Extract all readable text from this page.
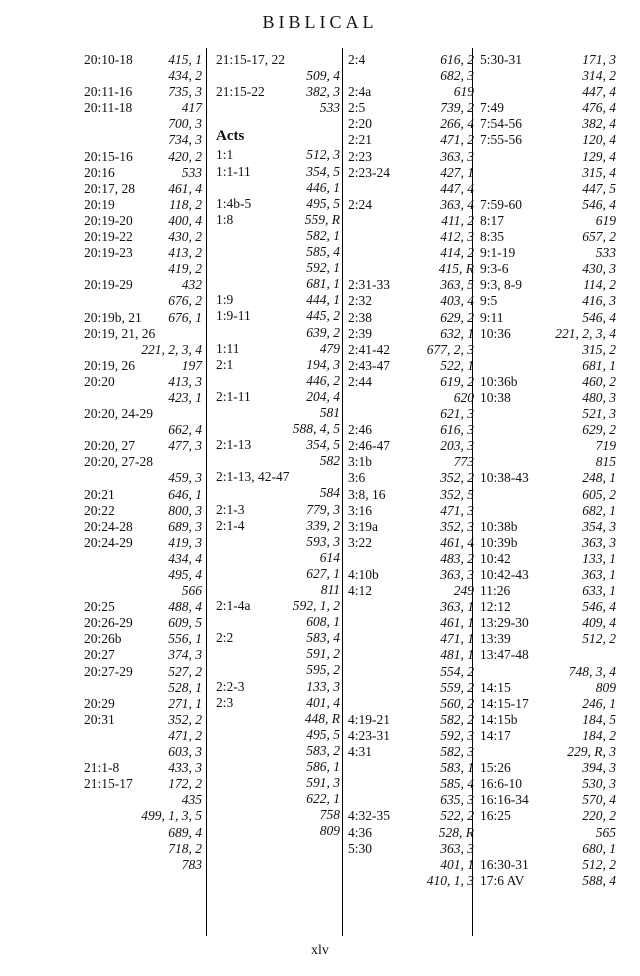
BIBLICAL
20:10-18	415, 1
434, 2
20:11-16	735, 3
20:11-18	417
700, 3
734, 3
20:15-16	420, 2
20:16	533
20:17, 28 461, 4
20:19	118, 2
20:19-20	400, 4
20:19-22	430, 2
20:19-23	413, 2
419, 2
20:19-29	432
676, 2
20:19b, 21 676, 1
20:19, 21, 26
221, 2, 3, 4
20:19, 26	197
20:20	413, 3
423, 1
20:20, 24-29
662, 4
20:20, 27 477, 3
20:20, 27-28
459, 3
20:21	646, 1
20:22	800, 3
20:24-28	689, 3
20:24-29	419, 3
434, 4
495, 4
566
20:25	488, 4
20:26-29	609, 5
20:26b	556, 1
20:27	374, 3
20:27-29	527, 2
528, 1
20:29	271, 1
20:31	352, 2
471, 2
603, 3
21:1-8	433, 3
21:15-17	172, 2
435
499, 1, 3, 5
689, 4
718, 2
783
21:15-17, 22
509, 4
21:15-22	382, 3
533
Acts
1:1	512, 3
1:1-11	354, 5
446, 1
1:4b-5	495, 5
1:8	559, R
582, 1
585, 4
592, 1
681, 1
1:9	444, 1
1:9-11	445, 2
639, 2
1:11	479
2:1	194, 3
446, 2
2:1-11	204, 4
581
588, 4, 5
2:1-13	354, 5
582
2:1-13, 42-47
584
2:1-3	779, 3
2:1-4	339, 2
593, 3
614
627, 1
811
2:1-4a	592, 1, 2
608, 1
2:2	583, 4
591, 2
595, 2
2:2-3	133, 3
2:3	401, 4
448, R
495, 5
583, 2
586, 1
591, 3
622, 1
758
809
2:4	616, 2
682, 3
2:4a	619
2:5	739, 2
2:20	266, 4
2:21	471, 2
2:23	363, 3
2:23-24	427, 1
447, 4
2:24	363, 4
411, 2
412, 3
414, 2
415, R
2:31-33	363, 5
2:32	403, 4
2:38	629, 2
2:39	632, 1
2:41-42	677, 2, 3
2:43-47	522, 1
2:44	619, 2
620
621, 3
2:46	616, 3
2:46-47	203, 3
3:1b	773
3:6	352, 2
3:8, 16	352, 5
3:16	471, 3
3:19a	352, 3
3:22	461, 4
483, 2
4:10b	363, 3
4:12	249
363, 1
461, 1
471, 1
481, 1
554, 2
559, 2
560, 2
4:19-21	582, 2
4:23-31	592, 3
4:31	582, 3
583, 1
585, 4
635, 3
4:32-35	522, 2
4:36	528, R
5:30	363, 3
401, 1
410, 1, 3
5:30-31	171, 3
314, 2
447, 4
7:49	476, 4
7:54-56	382, 4
7:55-56	120, 4
129, 4
315, 4
447, 5
7:59-60	546, 4
8:17	619
8:35	657, 2
9:1-19	533
9:3-6	430, 3
9:3, 8-9	114, 2
9:5	416, 3
9:11	546, 4
10:36	221, 2, 3, 4
315, 2
681, 1
10:36b	460, 2
10:38	480, 3
521, 3
629, 2
719
815
10:38-43	248, 1
605, 2
682, 1
10:38b	354, 3
10:39b	363, 3
10:42	133, 1
10:42-43	363, 1
11:26	633, 1
12:12	546, 4
13:29-30	409, 4
13:39	512, 2
13:47-48
748, 3, 4
14:15	809
14:15-17	246, 1
14:15b	184, 5
14:17	184, 2
229, R, 3
15:26	394, 3
16:6-10	530, 3
16:16-34	570, 4
16:25	220, 2
565
680, 1
16:30-31	512, 2
17:6 AV	588, 4
xlv
